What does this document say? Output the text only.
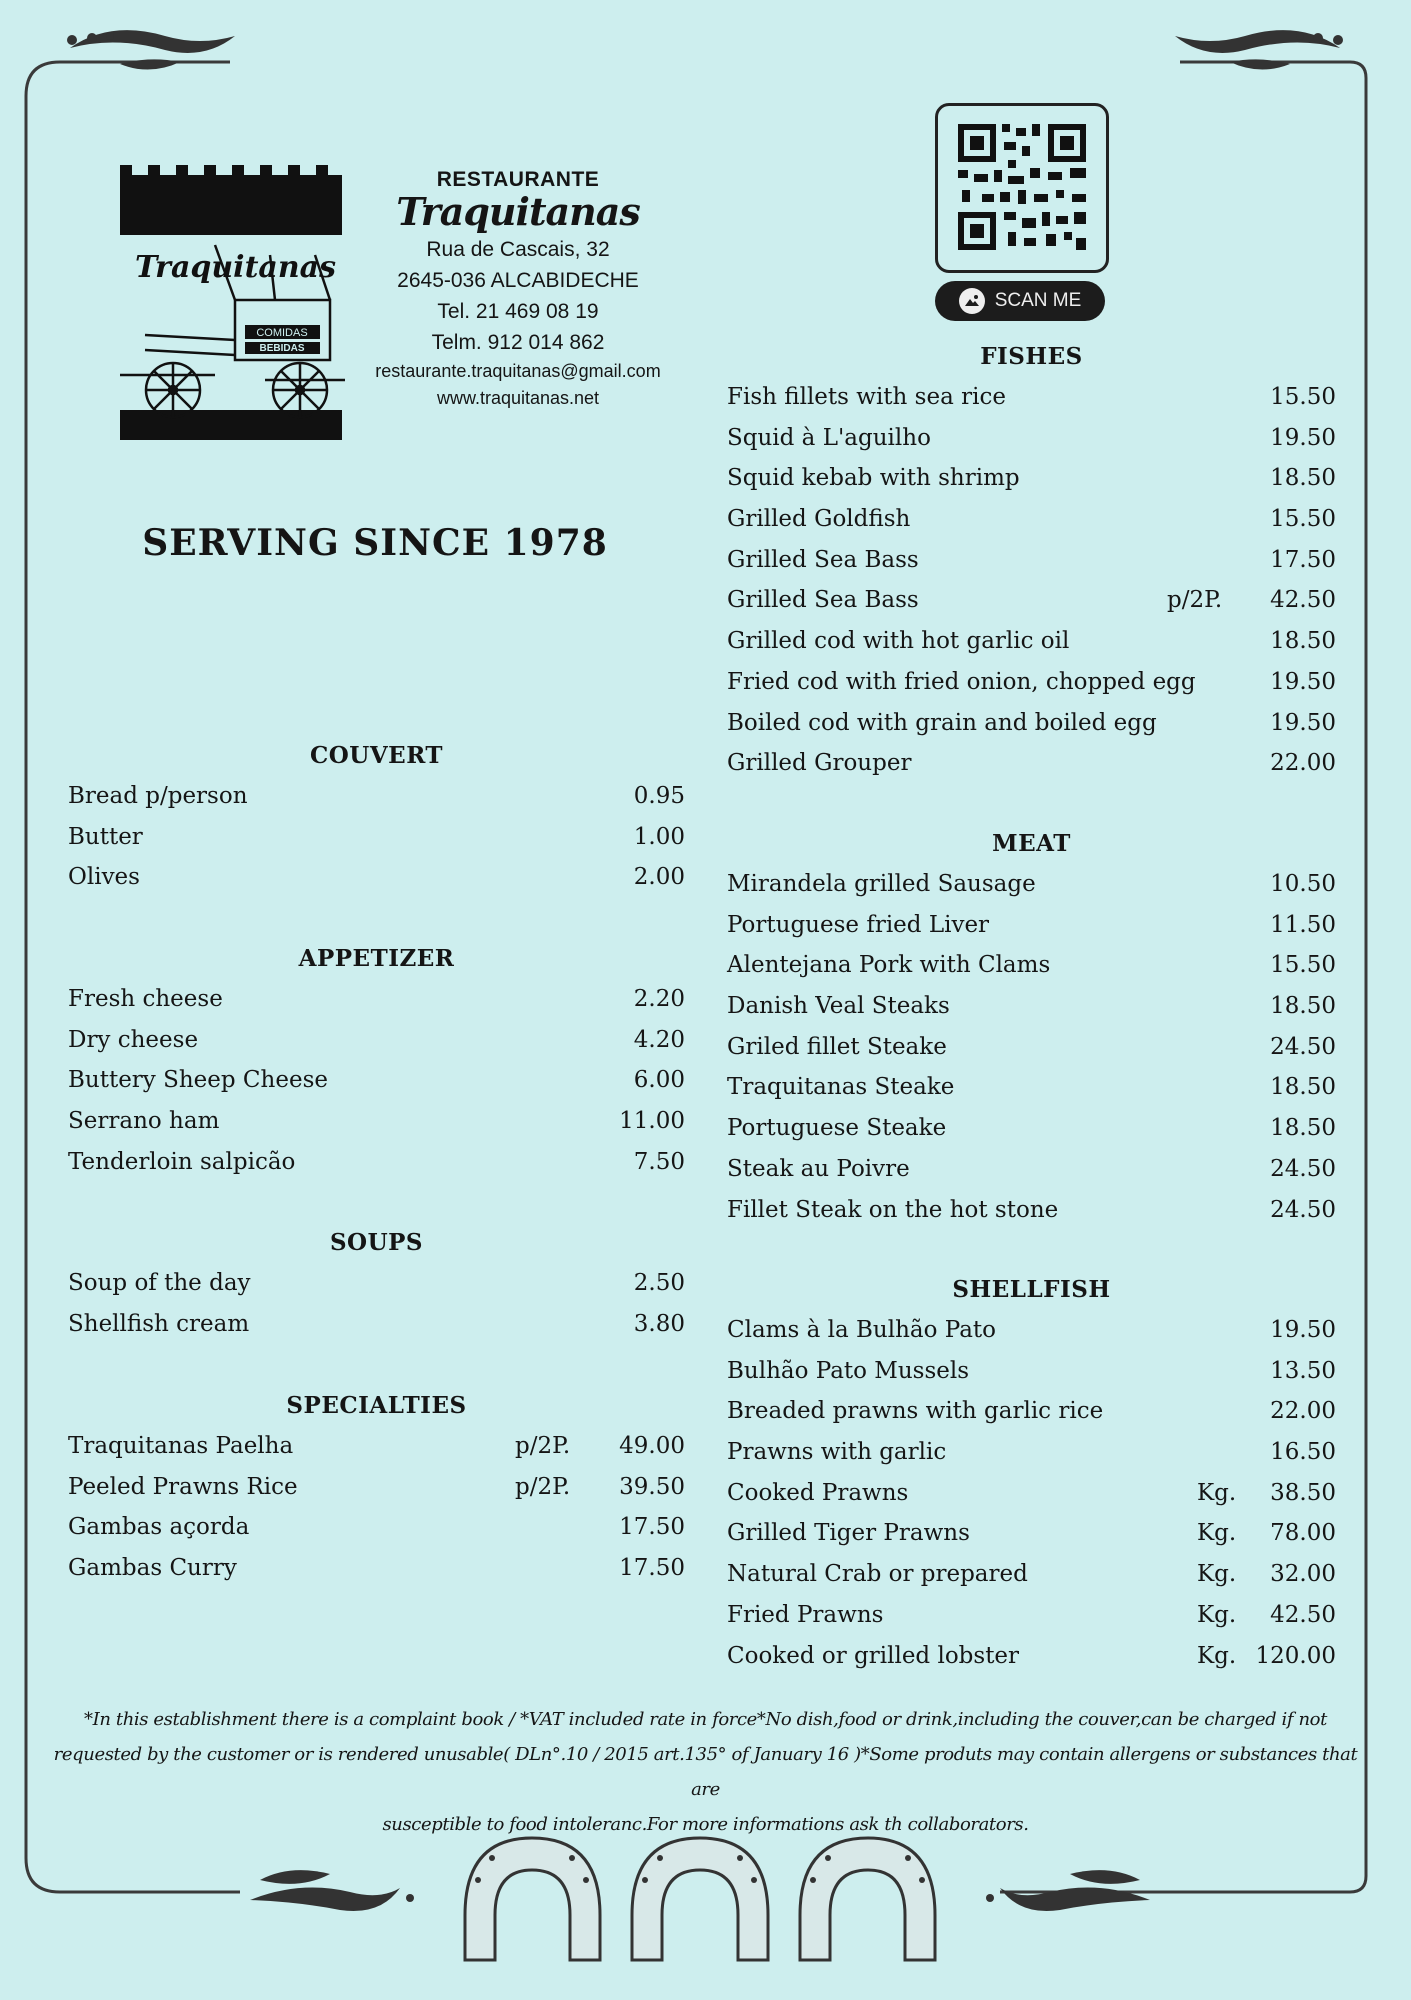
COMIDAS
BEBIDAS
Traquitanas
RESTAURANTE
Traquitanas
Rua de Cascais, 32
2645-036 ALCABIDECHE
Tel. 21 469 08 19
Telm. 912 014 862
restaurante.traquitanas@gmail.com
www.traquitanas.net
SERVING SINCE 1978
SCAN ME
COUVERT
Bread p/person	0.95
Butter	1.00
Olives	2.00
APPETIZER
Fresh cheese	2.20
Dry cheese	4.20
Buttery Sheep Cheese	6.00
Serrano ham	11.00
Tenderloin salpicão	7.50
SOUPS
Soup of the day	2.50
Shellfish cream	3.80
SPECIALTIES
Traquitanas Paelha	p/2P. 49.00
Peeled Prawns Rice	p/2P. 39.50
Gambas açorda	17.50
Gambas Curry	17.50
FISHES
Fish fillets with sea rice	15.50
Squid à L'aguilho	19.50
Squid kebab with shrimp	18.50
Grilled Goldfish	15.50
Grilled Sea Bass	17.50
Grilled Sea Bass	p/2P. 42.50
Grilled cod with hot garlic oil	18.50
Fried cod with fried onion, chopped egg	19.50
Boiled cod with grain and boiled egg	19.50
Grilled Grouper	22.00
MEAT
Mirandela grilled Sausage	10.50
Portuguese fried Liver	11.50
Alentejana Pork with Clams	15.50
Danish Veal Steaks	18.50
Griled fillet Steake	24.50
Traquitanas Steake	18.50
Portuguese Steake	18.50
Steak au Poivre	24.50
Fillet Steak on the hot stone	24.50
SHELLFISH
Clams à la Bulhão Pato	19.50
Bulhão Pato Mussels	13.50
Breaded prawns with garlic rice	22.00
Prawns with garlic	16.50
Cooked Prawns	Kg. 38.50
Grilled Tiger Prawns	Kg. 78.00
Natural Crab or prepared	Kg. 32.00
Fried Prawns	Kg. 42.50
Cooked or grilled lobster	Kg. 120.00
*In this establishment there is a complaint book / *VAT included rate in force*No dish,food or drink,including the couver,can be charged if not
requested by the customer or is rendered unusable( DLn°.10 / 2015 art.135° of January 16 )*Some produts may contain allergens or substances that are
susceptible to food intoleranc.For more informations ask th collaborators.
